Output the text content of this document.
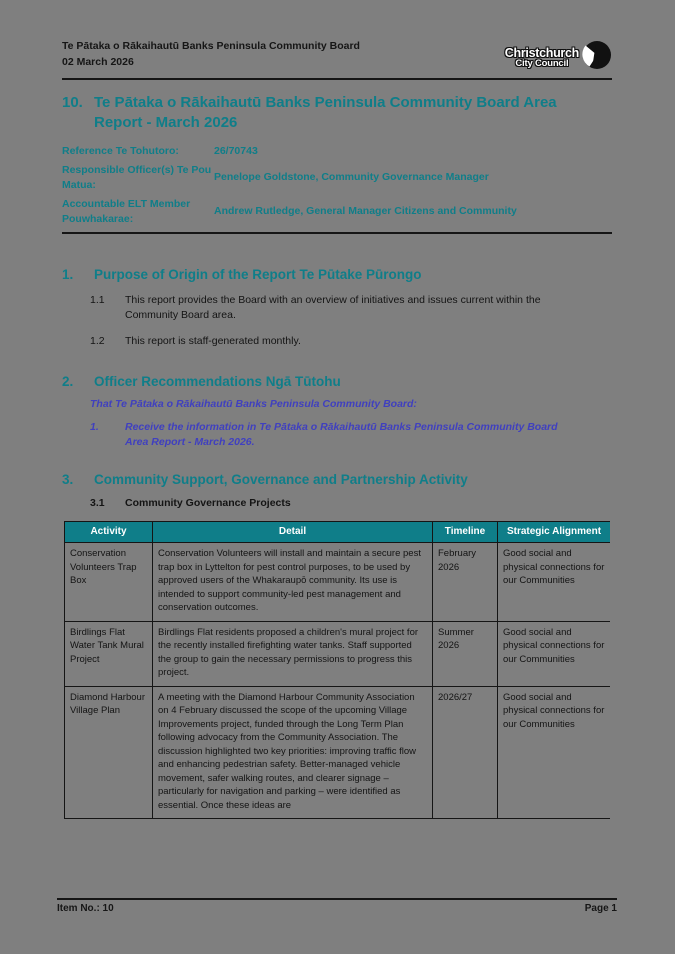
Te Pātaka o Rākaihautū Banks Peninsula Community Board
02 March 2026
Christchurch
City Council
10. Te Pātaka o Rākaihautū Banks Peninsula Community Board Area Report - March 2026
Reference Te Tohutoro:	26/70743
Responsible Officer(s) Te Pou Matua:
Penelope Goldstone, Community Governance Manager
Accountable ELT Member Pouwhakarae:
Andrew Rutledge, General Manager Citizens and Community
1.	Purpose of Origin of the Report Te Pūtake Pūrongo
1.1	This report provides the Board with an overview of initiatives and issues current within the Community Board area.
1.2	This report is staff-generated monthly.
2.	Officer Recommendations Ngā Tūtohu
That Te Pātaka o Rākaihautū Banks Peninsula Community Board:
1.	Receive the information in Te Pātaka o Rākaihautū Banks Peninsula Community Board Area Report - March 2026.
3.	Community Support, Governance and Partnership Activity
3.1	Community Governance Projects
Activity	Detail	Timeline	Strategic Alignment
Conservation Volunteers Trap Box	Conservation Volunteers will install and maintain a secure pest trap box in Lyttelton for pest control purposes, to be used by approved users of the Whakaraupō community. Its use is intended to support community-led pest management and conservation outcomes.	February 2026	Good social and physical connections for our Communities
Birdlings Flat Water Tank Mural Project	Birdlings Flat residents proposed a children's mural project for the recently installed firefighting water tanks. Staff supported the group to gain the necessary permissions to progress this project.	Summer 2026	Good social and physical connections for our Communities
Diamond Harbour Village Plan	A meeting with the Diamond Harbour Community Association on 4 February discussed the scope of the upcoming Village Improvements project, funded through the Long Term Plan following advocacy from the Community Association. The discussion highlighted two key priorities: improving traffic flow and enhancing pedestrian safety. Better-managed vehicle movement, safer walking routes, and clearer signage – particularly for navigation and parking – were identified as essential. Once these ideas are	2026/27	Good social and physical connections for our Communities
Item No.: 10	Page 1
